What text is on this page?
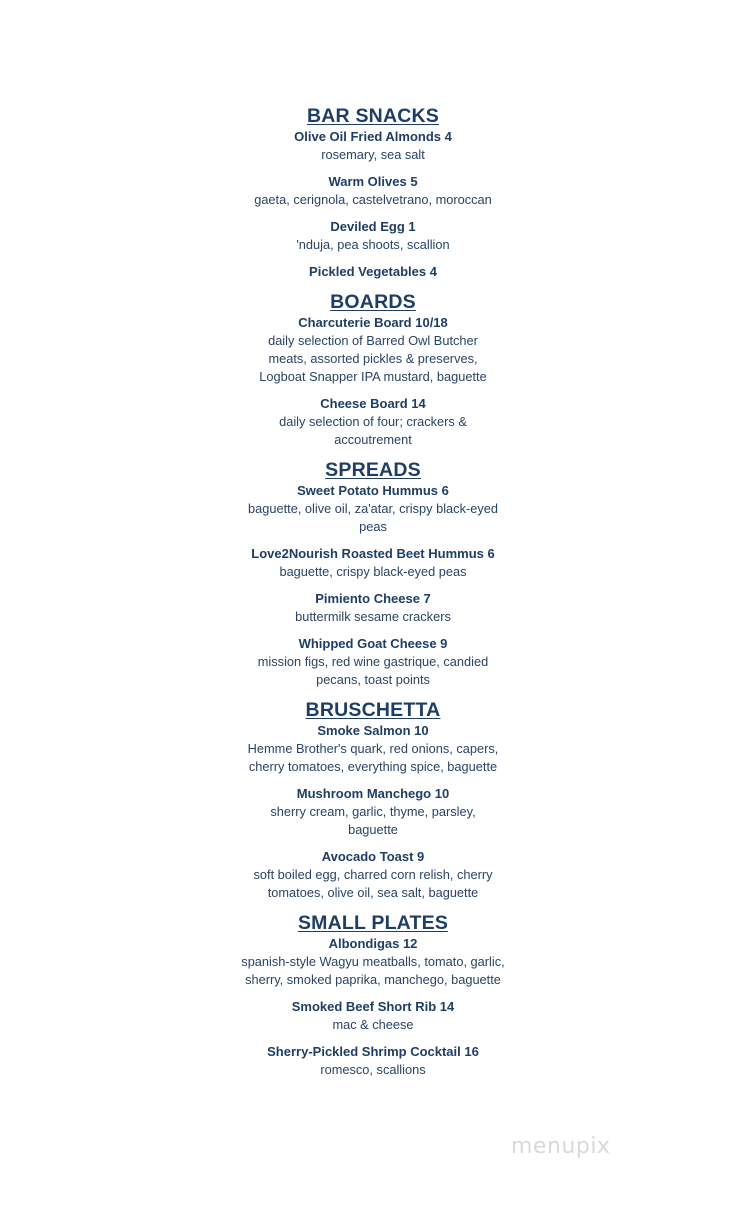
BAR SNACKS
Olive Oil Fried Almonds 4
rosemary, sea salt
Warm Olives 5
gaeta, cerignola, castelvetrano, moroccan
Deviled Egg 1
'nduja, pea shoots, scallion
Pickled Vegetables 4
BOARDS
Charcuterie Board 10/18
daily selection of Barred Owl Butcher meats, assorted pickles & preserves, Logboat Snapper IPA mustard, baguette
Cheese Board 14
daily selection of four; crackers & accoutrement
SPREADS
Sweet Potato Hummus 6
baguette, olive oil, za'atar, crispy black-eyed peas
Love2Nourish Roasted Beet Hummus 6
baguette, crispy black-eyed peas
Pimiento Cheese 7
buttermilk sesame crackers
Whipped Goat Cheese 9
mission figs, red wine gastrique, candied pecans, toast points
BRUSCHETTA
Smoke Salmon 10
Hemme Brother's quark, red onions, capers, cherry tomatoes, everything spice, baguette
Mushroom Manchego 10
sherry cream, garlic, thyme, parsley, baguette
Avocado Toast 9
soft boiled egg, charred corn relish, cherry tomatoes, olive oil, sea salt, baguette
SMALL PLATES
Albondigas 12
spanish-style Wagyu meatballs, tomato, garlic, sherry, smoked paprika, manchego, baguette
Smoked Beef Short Rib 14
mac & cheese
Sherry-Pickled Shrimp Cocktail 16
romesco, scallions
menupix
